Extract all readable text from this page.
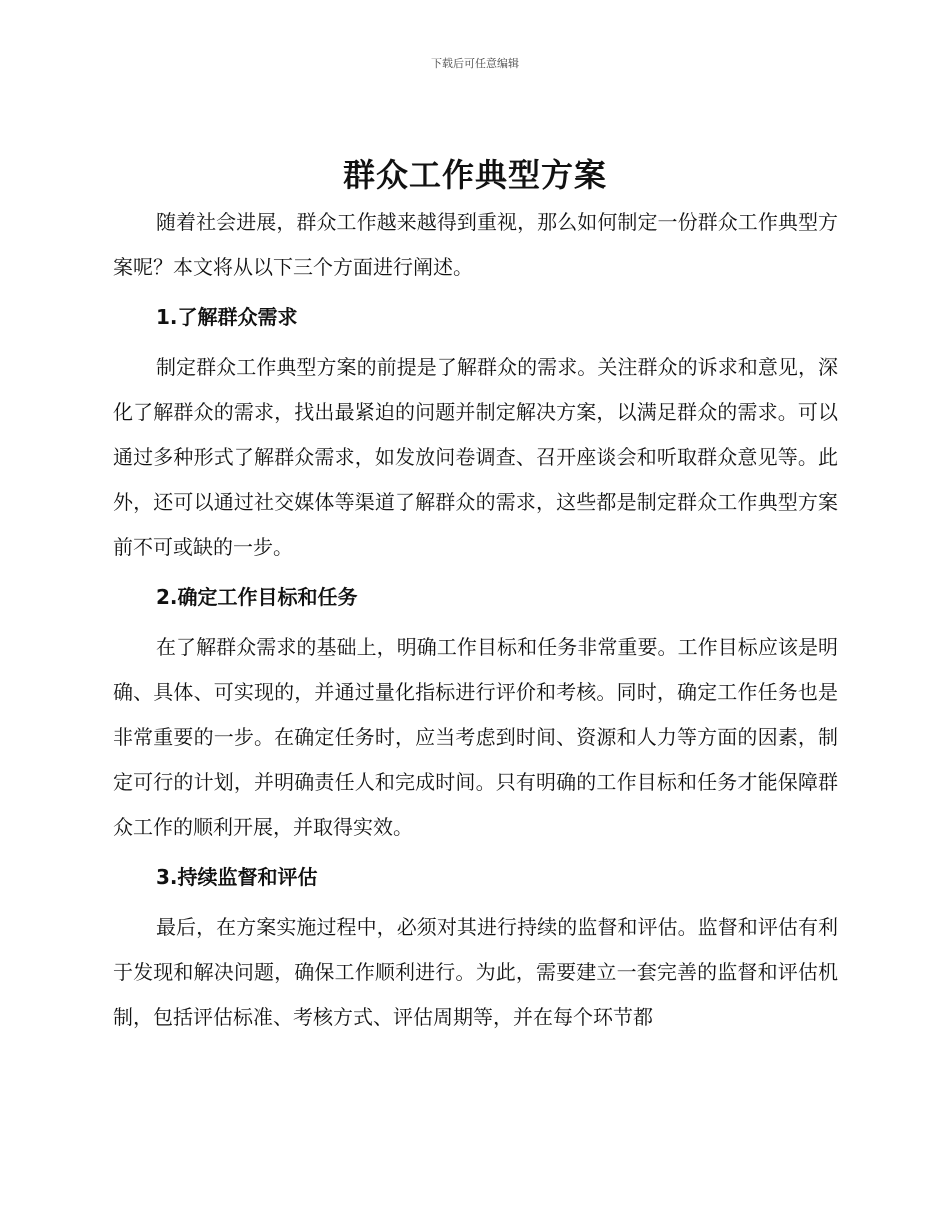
下载后可任意编辑
群众工作典型方案

随着社会进展，群众工作越来越得到重视，那么如何制定一份群众工作典型方案呢？本文将从以下三个方面进行阐述。

1.了解群众需求

制定群众工作典型方案的前提是了解群众的需求。关注群众的诉求和意见，深化了解群众的需求，找出最紧迫的问题并制定解决方案，以满足群众的需求。可以通过多种形式了解群众需求，如发放问卷调查、召开座谈会和听取群众意见等。此外，还可以通过社交媒体等渠道了解群众的需求，这些都是制定群众工作典型方案前不可或缺的一步。

2.确定工作目标和任务

在了解群众需求的基础上，明确工作目标和任务非常重要。工作目标应该是明确、具体、可实现的，并通过量化指标进行评价和考核。同时，确定工作任务也是非常重要的一步。在确定任务时，应当考虑到时间、资源和人力等方面的因素，制定可行的计划，并明确责任人和完成时间。只有明确的工作目标和任务才能保障群众工作的顺利开展，并取得实效。

3.持续监督和评估

最后，在方案实施过程中，必须对其进行持续的监督和评估。监督和评估有利于发现和解决问题，确保工作顺利进行。为此，需要建立一套完善的监督和评估机制，包括评估标准、考核方式、评估周期等，并在每个环节都
